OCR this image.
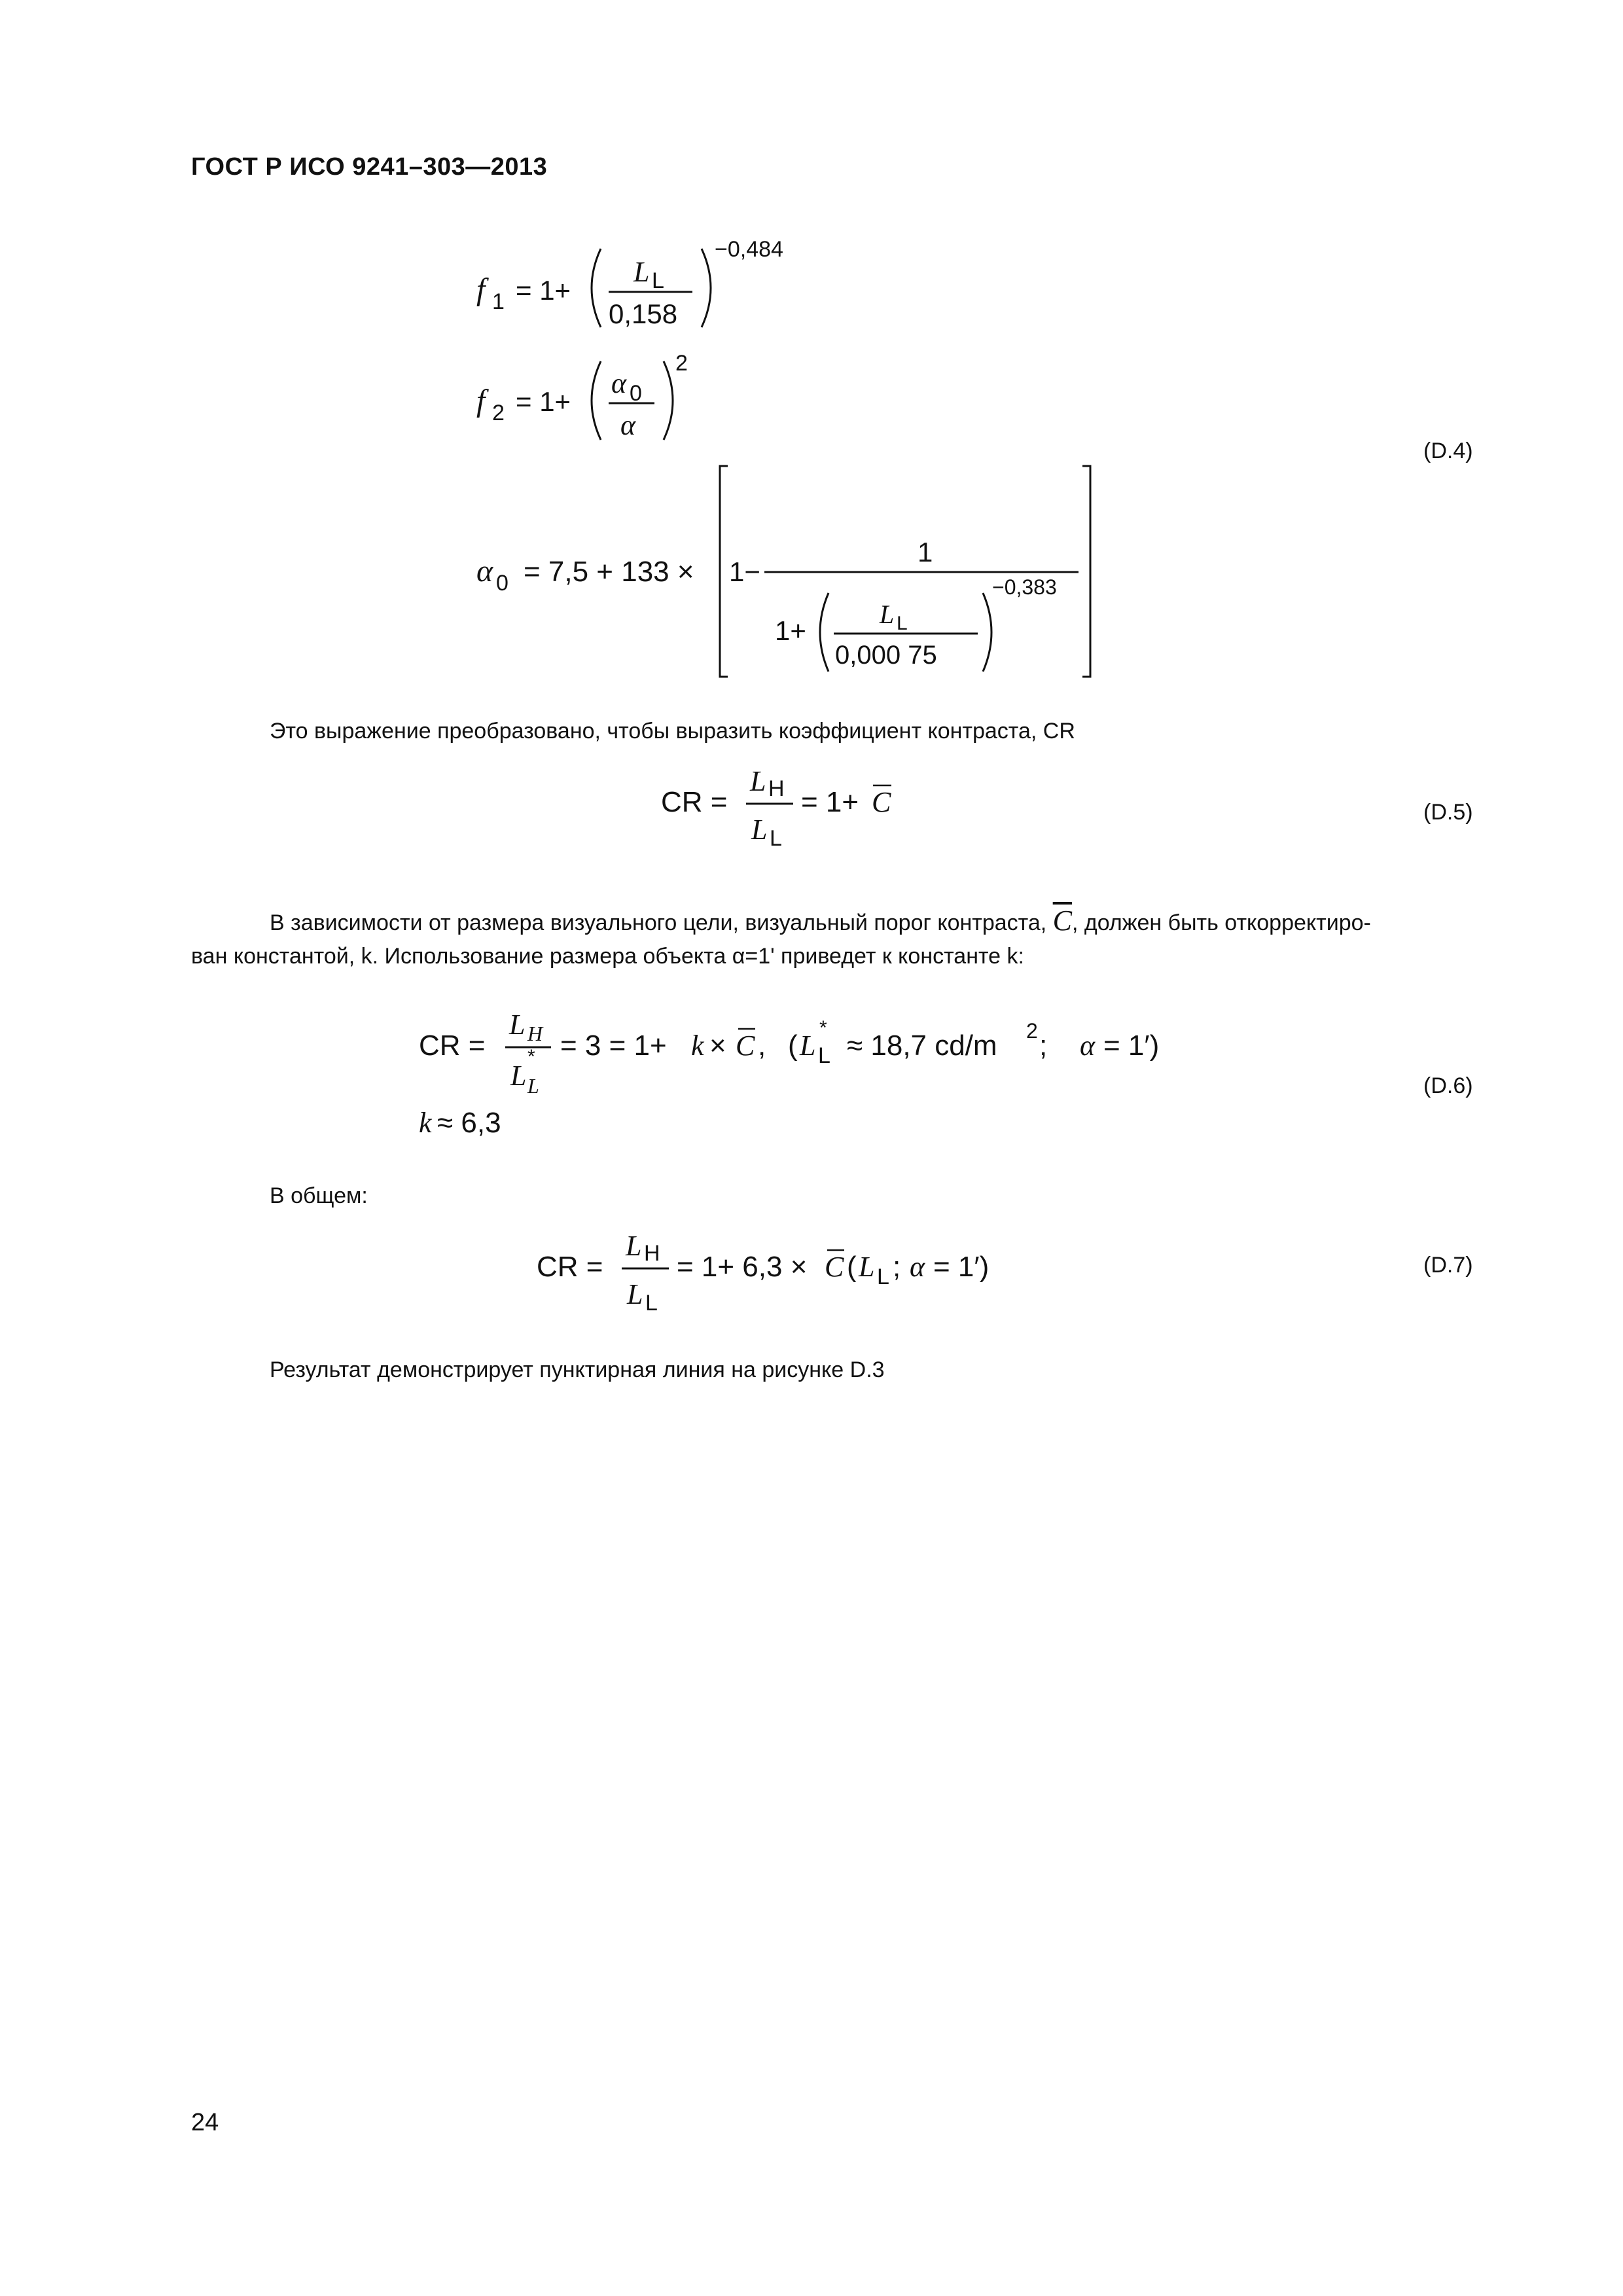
ГОСТ Р ИСО 9241–303—2013
f 1 = 1+
L L
0,158
−0,484
f 2 = 1+
α 0
α
2
α 0 = 7,5 + 133 × 1−
1
1+
L L
0,000 75
−0,383
(D.4)
Это выражение преобразовано, чтобы выразить коэффициент контраста, CR
CR =
L H
L L
= 1+ C	(D.5)
В зависимости от размера визуального цели, визуальный порог контраста, $\overline{C}$, должен быть откорректиро-
ван константой, k. Использование размера объекта α=1' приведет к константе k:
CR =
L H
L
*
L
= 3 = 1+ k × C , ( L
*
L ≈ 18,7 cd/m 2 ; α = 1′)
k ≈ 6,3
(D.6)
В общем:
CR =
L H
L L
= 1+ 6,3 × C ( L L ; α = 1′)	(D.7)
Результат демонстрирует пунктирная линия на рисунке D.3
24
